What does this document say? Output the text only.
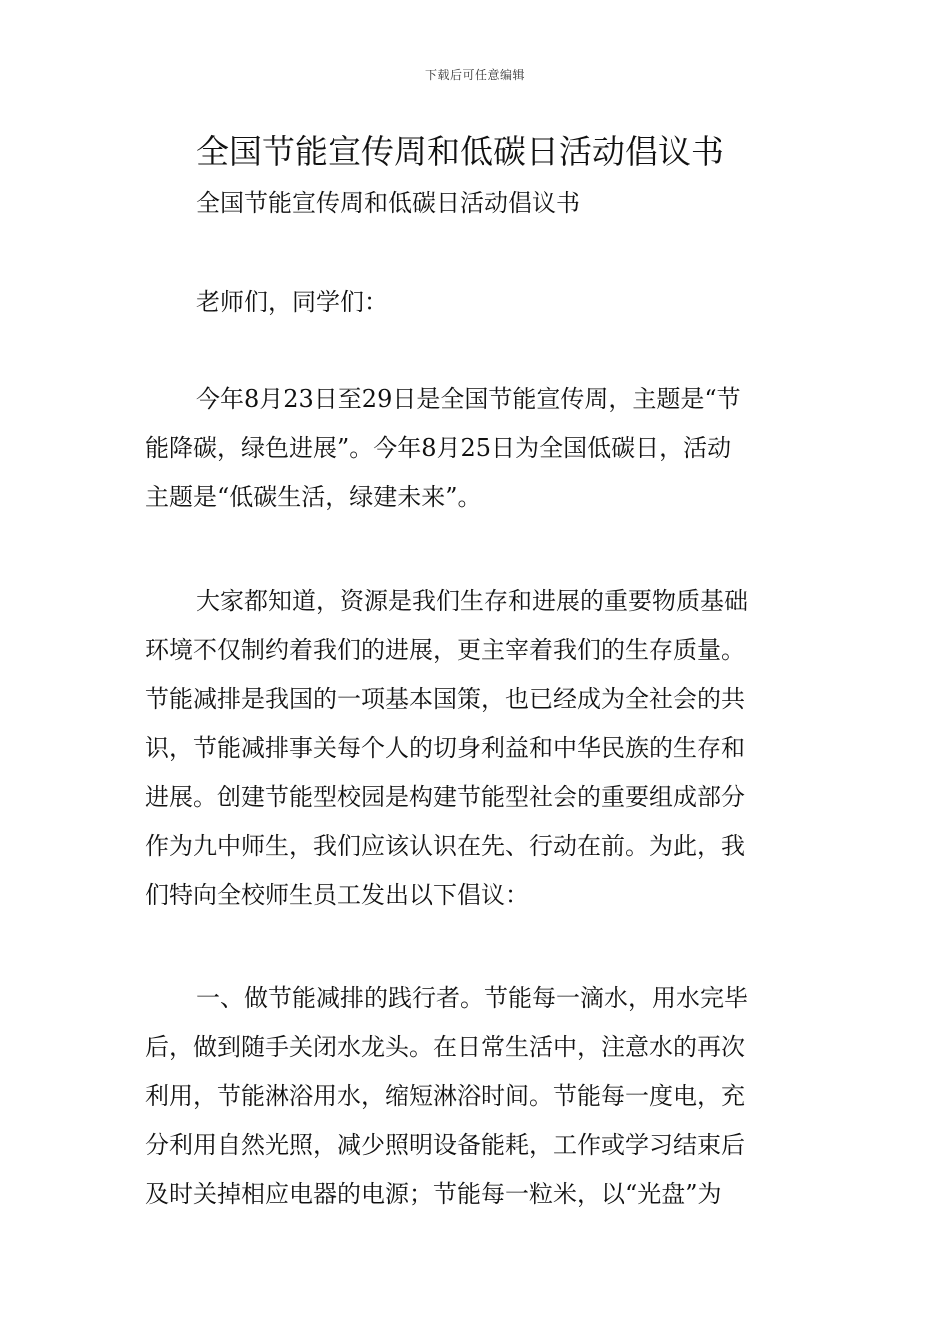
下载后可任意编辑
全国节能宣传周和低碳日活动倡议书
全国节能宣传周和低碳日活动倡议书
老师们，同学们：
今年8月23日至29日是全国节能宣传周，主题是“节
能降碳，绿色进展”。今年8月25日为全国低碳日，活动
主题是“低碳生活，绿建未来”。
大家都知道，资源是我们生存和进展的重要物质基础
环境不仅制约着我们的进展，更主宰着我们的生存质量。
节能减排是我国的一项基本国策，也已经成为全社会的共
识，节能减排事关每个人的切身利益和中华民族的生存和
进展。创建节能型校园是构建节能型社会的重要组成部分
作为九中师生，我们应该认识在先、行动在前。为此，我
们特向全校师生员工发出以下倡议：
一、做节能减排的践行者。节能每一滴水，用水完毕
后，做到随手关闭水龙头。在日常生活中，注意水的再次
利用，节能淋浴用水，缩短淋浴时间。节能每一度电，充
分利用自然光照，减少照明设备能耗，工作或学习结束后
及时关掉相应电器的电源；节能每一粒米，以“光盘”为
